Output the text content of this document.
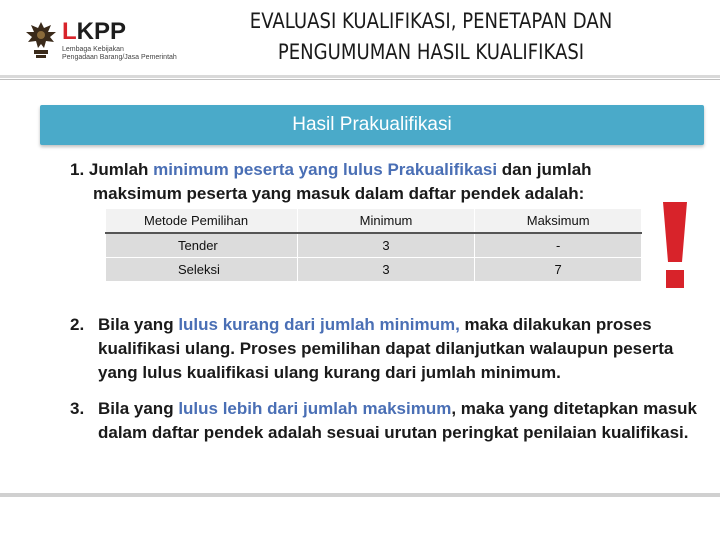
LKPP
Lembaga Kebijakan
Pengadaan Barang/Jasa Pemerintah
EVALUASI KUALIFIKASI, PENETAPAN DAN
PENGUMUMAN HASIL KUALIFIKASI
Hasil Prakualifikasi
1. Jumlah minimum peserta yang lulus Prakualifikasi dan jumlah
maksimum peserta yang masuk dalam daftar pendek adalah:
Metode Pemilihan	Minimum	Maksimum
Tender	3	-
Seleksi	3	7
2. Bila yang lulus kurang dari jumlah minimum, maka dilakukan proses kualifikasi ulang. Proses pemilihan dapat dilanjutkan walaupun peserta yang lulus kualifikasi ulang kurang dari jumlah minimum.
3. Bila yang lulus lebih dari jumlah maksimum, maka yang ditetapkan masuk dalam daftar pendek adalah sesuai urutan peringkat penilaian kualifikasi.
